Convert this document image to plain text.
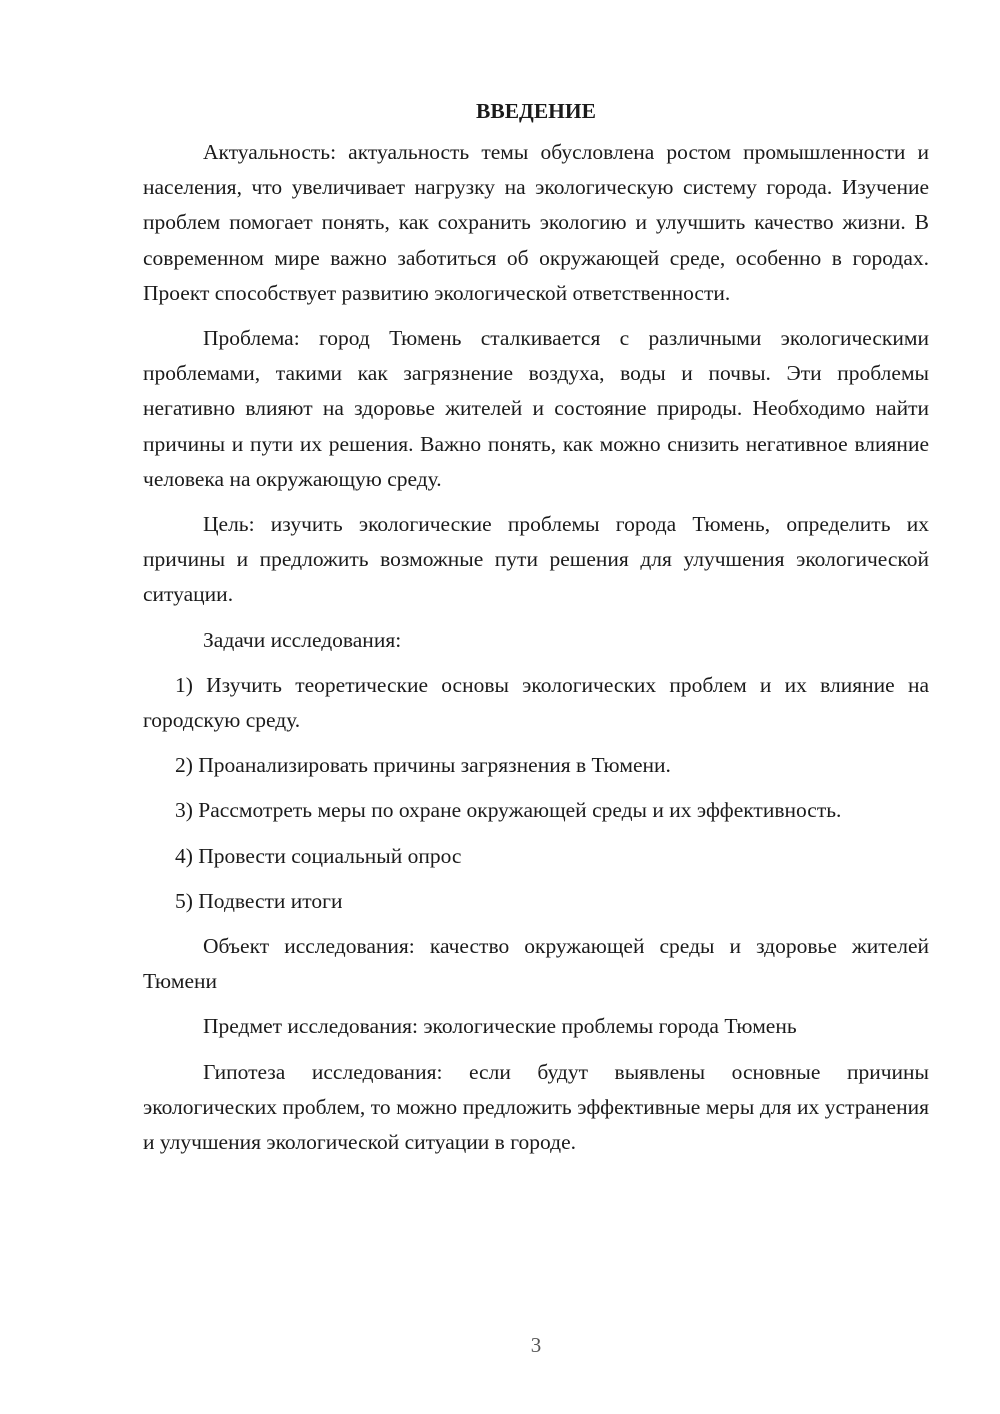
ВВЕДЕНИЕ

Актуальность: актуальность темы обусловлена ростом промышленности и населения, что увеличивает нагрузку на экологическую систему города. Изучение проблем помогает понять, как сохранить экологию и улучшить качество жизни. В современном мире важно заботиться об окружающей среде, особенно в городах. Проект способствует развитию экологической ответственности.

Проблема: город Тюмень сталкивается с различными экологическими проблемами, такими как загрязнение воздуха, воды и почвы. Эти проблемы негативно влияют на здоровье жителей и состояние природы. Необходимо найти причины и пути их решения. Важно понять, как можно снизить негативное влияние человека на окружающую среду.

Цель: изучить экологические проблемы города Тюмень, определить их причины и предложить возможные пути решения для улучшения экологической ситуации.

Задачи исследования:

1) Изучить теоретические основы экологических проблем и их влияние на городскую среду.

2) Проанализировать причины загрязнения в Тюмени.

3) Рассмотреть меры по охране окружающей среды и их эффективность.

4) Провести социальный опрос

5) Подвести итоги

Объект исследования: качество окружающей среды и здоровье жителей Тюмени

Предмет исследования: экологические проблемы города Тюмень

Гипотеза исследования: если будут выявлены основные причины экологических проблем, то можно предложить эффективные меры для их устранения и улучшения экологической ситуации в городе.

3
